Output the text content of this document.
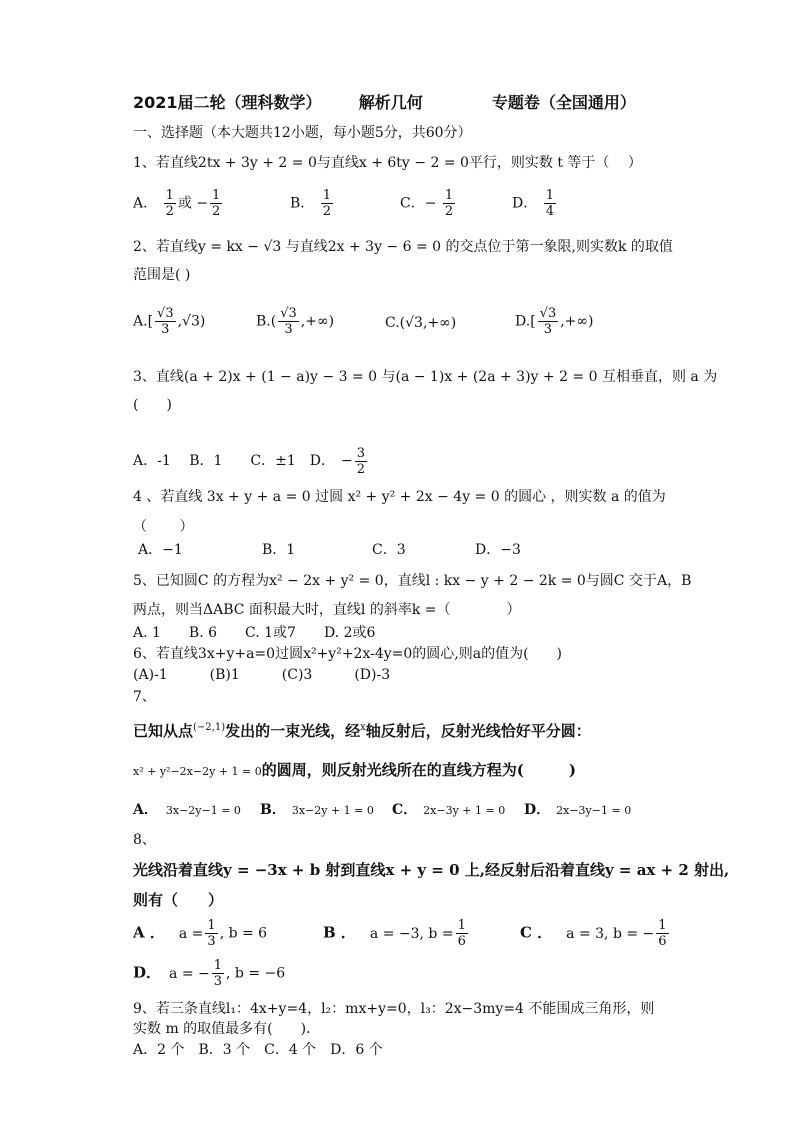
2021届二轮（理科数学） 解析几何	专题卷（全国通用）
一、选择题（本大题共12小题，每小题5分，共60分）
1、若直线2tx + 3y + 2 = 0与直线x + 6ty − 2 = 0平行，则实数 t 等于（　 ）
A． $\frac{1}{2}$ 或 − $\frac{1}{2}$	B． $\frac{1}{2}$	C．− $\frac{1}{2}$	D． $\frac{1}{4}$
2、若直线y = kx − √3 与直线2x + 3y − 6 = 0 的交点位于第一象限,则实数k 的取值
范围是( )
$A.[ \frac{√3}{3} ,√3)$	$B.( \frac{√3}{3}$ ,+∞)	C.(√3,+∞)	$D.[ \frac{√3}{3}$ ,+∞)
3、直线(a + 2)x + (1 − a)y − 3 = 0 与(a − 1)x + (2a + 3)y + 2 = 0 互相垂直，则 a 为
(　　)
A．-1　 B．1　　C．±1　D． − $\frac{3}{2}$
4 、若直线 3x + y + a = 0 过圆 x² + y² + 2x − 4y = 0 的圆心 ，则实数 a 的值为
（　　 ）
A．−1	B．1	C．3	D．−3
5、已知圆C 的方程为x² − 2x + y² = 0，直线l : kx − y + 2 − 2k = 0与圆C 交于A，B
两点，则当ΔABC 面积最大时，直线l 的斜率k =（　　　　）
A. 1　　B. 6　　C. 1或7　　D. 2或6
6、若直线3x+y+a=0过圆x²+y²+2x-4y=0的圆心,则a的值为(　　)
(A)-1　　　(B)1　　　(C)3　　　(D)-3
7、
已知从点$^{(-2,1)}$发出的一束光线，经$^x$轴反射后，反射光线恰好平分圆：
x² + y²−2x−2y + 1 = 0的圆周，则反射光线所在的直线方程为(　　　)
A． 3x−2y−1 = 0 B． 3x−2y + 1 = 0 C． 2x−3y + 1 = 0 D． 2x−3y−1 = 0
8、
光线沿着直线y = −3x + b 射到直线x + y = 0 上,经反射后沿着直线y = ax + 2 射出,
则有（　　）
A ． $a = \frac{1}{3}$ , b = 6	B ． a = −3, $b = \frac{1}{6}$	C ． a = 3, b = − $\frac{1}{6}$
D． a = − $\frac{1}{3}$ , b = −6
9、若三条直线l₁：4x+y=4，l₂：mx+y=0，l₃：2x−3my=4 不能围成三角形，则
实数 m 的取值最多有(　　)．
A．2 个　B．3 个　C．4 个　D．6 个
